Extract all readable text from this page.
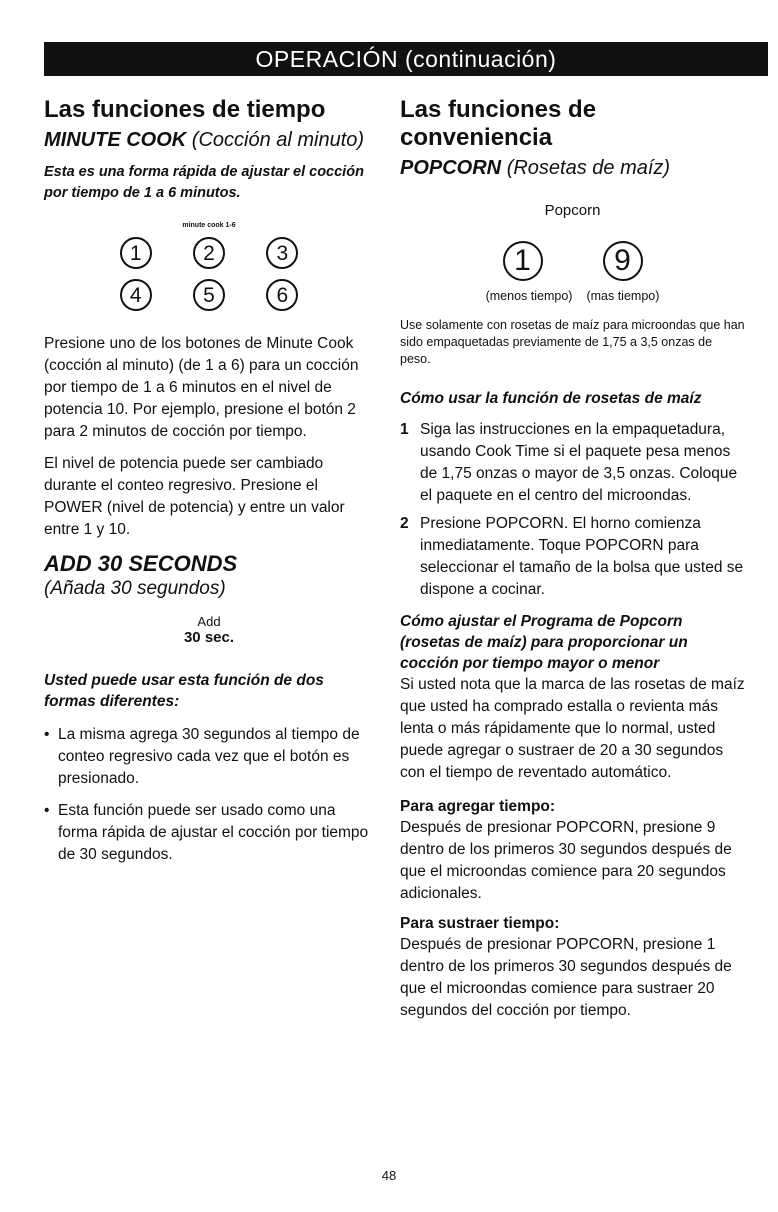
OPERACIÓN (continuación)
Las funciones de tiempo
MINUTE COOK (Cocción al minuto)

Esta es una forma rápida de ajustar el cocción por tiempo de 1 a 6 minutos.

minute cook 1-6
1	2	3
4	5	6

Presione uno de los botones de Minute Cook (cocción al minuto) (de 1 a 6) para un cocción por tiempo de 1 a 6 minutos en el nivel de potencia 10. Por ejemplo, presione el botón 2 para 2 minutos de cocción por tiempo.

El nivel de potencia puede ser cambiado durante el conteo regresivo. Presione el POWER (nivel de potencia) y entre un valor entre 1 y 10.

ADD 30 SECONDS

(Añada 30 segundos)

Add
30 sec.

Usted puede usar esta función de dos formas diferentes:

• La misma agrega 30 segundos al tiempo de conteo regresivo cada vez que el botón es presionado.
• Esta función puede ser usado como una forma rápida de ajustar el cocción por tiempo de 30 segundos.
Las funciones de conveniencia
POPCORN (Rosetas de maíz)
Popcorn
1	9
(menos tiempo) (mas tiempo)

Use solamente con rosetas de maíz para microondas que han sido empaquetadas previamente de 1,75 a 3,5 onzas de peso.

Cómo usar la función de rosetas de maíz

1 Siga las instrucciones en la empaquetadura, usando Cook Time si el paquete pesa menos de 1,75 onzas o mayor de 3,5 onzas. Coloque el paquete en el centro del microondas.
2 Presione POPCORN. El horno comienza inmediatamente. Toque POPCORN para seleccionar el tamaño de la bolsa que usted se dispone a cocinar.

Cómo ajustar el Programa de Popcorn (rosetas de maíz) para proporcionar un cocción por tiempo mayor o menor

Si usted nota que la marca de las rosetas de maíz que usted ha comprado estalla o revienta más lenta o más rápidamente que lo normal, usted puede agregar o sustraer de 20 a 30 segundos con el tiempo de reventado automático.

Para agregar tiempo:

Después de presionar POPCORN, presione 9 dentro de los primeros 30 segundos después de que el microondas comience para 20 segundos adicionales.

Para sustraer tiempo:

Después de presionar POPCORN, presione 1 dentro de los primeros 30 segundos después de que el microondas comience para sustraer 20 segundos del cocción por tiempo.

48
